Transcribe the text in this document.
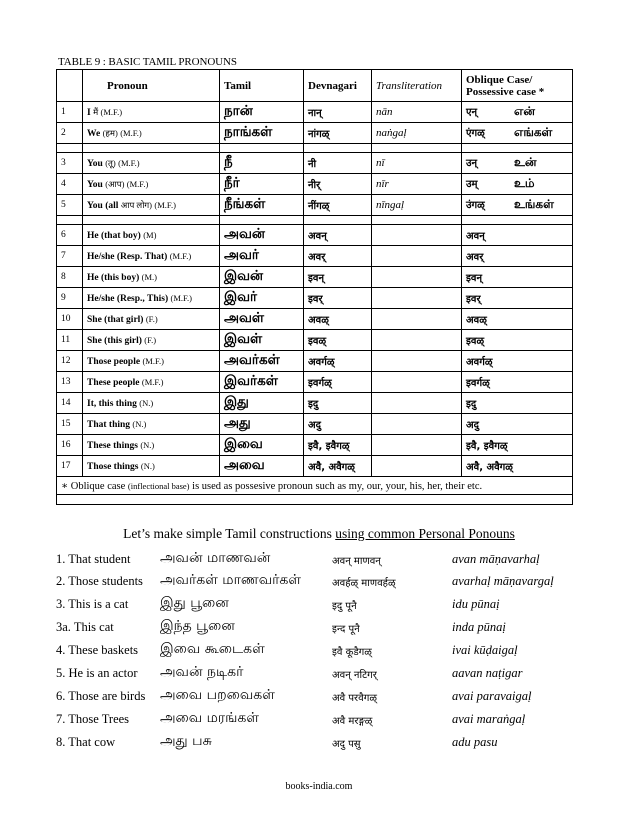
TABLE 9 : BASIC TAMIL PRONOUNS
	Pronoun	Tamil	Devnagari	Transliteration	Oblique Case/ Possessive case *
1	I मैं (M.F.)	நான்	नान्	nān	एन् என்
2	We (हम) (M.F.)	நாங்கள்	नांगळ्	naṅgaḷ	एंगळ् எங்கள்

3	You (तू) (M.F.)	நீ	नी	nī	उन् உன்
4	You (आप) (M.F.)	நீர்	नीर्	nīr	उम् உம்
5	You (all आप लोग) (M.F.)	நீங்கள்	नींगळ्	nīngaḷ	उंगळ् உங்கள்

6	He (that boy) (M)	அவன்	अवन्		अवन्
7	He/she (Resp. That) (M.F.)	அவர்	अवर्		अवर्
8	He (this boy) (M.)	இவன்	इवन्		इवन्
9	He/she (Resp., This) (M.F.)	இவர்	इवर्		इवर्
10	She (that girl) (F.)	அவள்	अवळ्		अवळ्
11	She (this girl) (F.)	இவள்	इवळ्		इवळ्
12	Those people (M.F.)	அவர்கள்	अवर्गळ्		अवर्गळ्
13	These people (M.F.)	இவர்கள்	इवर्गळ्		इवर्गळ्
14	It, this thing (N.)	இது	इदु		इदु
15	That thing (N.)	அது	अदु		अदु
16	These things (N.)	இவை	इवै, इवैगळ्		इवै, इवैगळ्
17	Those things (N.)	அவை	अवै, अवैगळ्		अवै, अवैगळ्
∗ Oblique case (inflectional base) is used as possesive pronoun such as my, our, your, his, her, their etc.					

Let’s make simple Tamil constructions using common Personal Ponouns
1. That student அவன் மாணவன்	अवन् माणवन्	avan māṇavarhaḷ
2. Those students அவர்கள் மாணவர்கள்	अवर्हळ् माणवर्हळ्	avarhaḷ māṇavargaḷ
3. This is a cat இது பூனை	इदु पूनै	idu pūnaị
3a. This cat	இந்த பூனை	इन्द पूनै	inda pūnaị
4. These baskets இவை கூடைகள்	इवै कूडैगळ्	ivai kūḍaigaḷ
5. He is an actor அவன் நடிகர்	अवन् नटिगर्	aavan naṭigar
6. Those are birds அவை பறவைகள்	अवै परवैगळ्	avai paravaigaḷ
7. Those Trees அவை மரங்கள்	अवै मरङ्गळ्	avai maraṅgaḷ
8. That cow	அது பசு	अदु पसु	adu pasu
books-india.com
